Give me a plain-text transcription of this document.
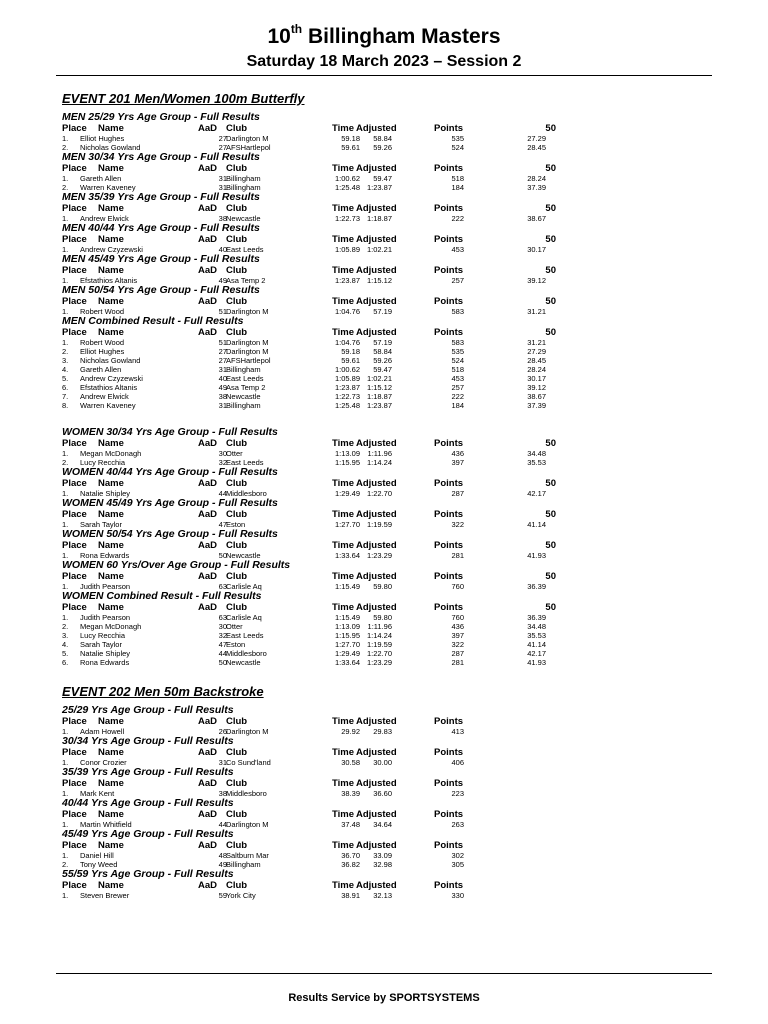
10th Billingham Masters
Saturday 18 March 2023 – Session 2
EVENT 201 Men/Women 100m Butterfly
MEN 25/29 Yrs Age Group - Full Results
Place Name	AaD Club	Time Adjusted	Points	50
1. Elliot Hughes	27 Darlington M	59.18	58.84	535	27.29
2. Nicholas Gowland	27 AFSHartlepol	59.61	59.26	524	28.45
MEN 30/34 Yrs Age Group - Full Results
Place Name	AaD Club	Time Adjusted	Points	50
1. Gareth Allen	31 Billingham	1:00.62	59.47	518	28.24
2. Warren Kaveney	31 Billingham	1:25.48 1:23.87	184	37.39
MEN 35/39 Yrs Age Group - Full Results
Place Name	AaD Club	Time Adjusted	Points	50
1. Andrew Elwick	38 Newcastle	1:22.73 1:18.87	222	38.67
MEN 40/44 Yrs Age Group - Full Results
Place Name	AaD Club	Time Adjusted	Points	50
1. Andrew Czyzewski	40 East Leeds	1:05.89 1:02.21	453	30.17
MEN 45/49 Yrs Age Group - Full Results
Place Name	AaD Club	Time Adjusted	Points	50
1. Efstathios Altanis	49 Asa Temp 2	1:23.87 1:15.12	257	39.12
MEN 50/54 Yrs Age Group - Full Results
Place Name	AaD Club	Time Adjusted	Points	50
1. Robert Wood	51 Darlington M	1:04.76	57.19	583	31.21
MEN Combined Result - Full Results
Place Name	AaD Club	Time Adjusted	Points	50
1. Robert Wood	51 Darlington M	1:04.76	57.19	583	31.21
2. Elliot Hughes	27 Darlington M	59.18	58.84	535	27.29
3. Nicholas Gowland	27 AFSHartlepol	59.61	59.26	524	28.45
4. Gareth Allen	31 Billingham	1:00.62	59.47	518	28.24
5. Andrew Czyzewski	40 East Leeds	1:05.89 1:02.21	453	30.17
6. Efstathios Altanis	49 Asa Temp 2	1:23.87 1:15.12	257	39.12
7. Andrew Elwick	38 Newcastle	1:22.73 1:18.87	222	38.67
8. Warren Kaveney	31 Billingham	1:25.48 1:23.87	184	37.39
WOMEN 30/34 Yrs Age Group - Full Results
Place Name	AaD Club	Time Adjusted	Points	50
1. Megan McDonagh	30 Otter	1:13.09	1:11.96	436	34.48
2. Lucy Recchia	32 East Leeds	1:15.95 1:14.24	397	35.53
WOMEN 40/44 Yrs Age Group - Full Results
Place Name	AaD Club	Time Adjusted	Points	50
1. Natalie Shipley	44 Middlesboro	1:29.49 1:22.70	287	42.17
WOMEN 45/49 Yrs Age Group - Full Results
Place Name	AaD Club	Time Adjusted	Points	50
1. Sarah Taylor	47 Eston	1:27.70 1:19.59	322	41.14
WOMEN 50/54 Yrs Age Group - Full Results
Place Name	AaD Club	Time Adjusted	Points	50
1. Rona Edwards	50 Newcastle	1:33.64 1:23.29	281	41.93
WOMEN 60 Yrs/Over Age Group - Full Results
Place Name	AaD Club	Time Adjusted	Points	50
1. Judith Pearson	63 Carlisle Aq	1:15.49	59.80	760	36.39
WOMEN Combined Result - Full Results
Place Name	AaD Club	Time Adjusted	Points	50
1. Judith Pearson	63 Carlisle Aq	1:15.49	59.80	760	36.39
2. Megan McDonagh	30 Otter	1:13.09	1:11.96	436	34.48
3. Lucy Recchia	32 East Leeds	1:15.95 1:14.24	397	35.53
4. Sarah Taylor	47 Eston	1:27.70 1:19.59	322	41.14
5. Natalie Shipley	44 Middlesboro	1:29.49 1:22.70	287	42.17
6. Rona Edwards	50 Newcastle	1:33.64 1:23.29	281	41.93
EVENT 202 Men 50m Backstroke
25/29 Yrs Age Group - Full Results
Place Name	AaD Club	Time Adjusted	Points
1. Adam Howell	26 Darlington M	29.92	29.83	413
30/34 Yrs Age Group - Full Results
Place Name	AaD Club	Time Adjusted	Points
1. Conor Crozier	31 Co Sund'land	30.58	30.00	406
35/39 Yrs Age Group - Full Results
Place Name	AaD Club	Time Adjusted	Points
1. Mark Kent	38 Middlesboro	38.39	36.60	223
40/44 Yrs Age Group - Full Results
Place Name	AaD Club	Time Adjusted	Points
1. Martin Whitfield	44 Darlington M	37.48	34.64	263
45/49 Yrs Age Group - Full Results
Place Name	AaD Club	Time Adjusted	Points
1. Daniel Hill	48 Saltburn Mar	36.70	33.09	302
2. Tony Weed	49 Billingham	36.82	32.98	305
55/59 Yrs Age Group - Full Results
Place Name	AaD Club	Time Adjusted	Points
1. Steven Brewer	59 York City	38.91	32.13	330
Results Service by SPORTSYSTEMS
